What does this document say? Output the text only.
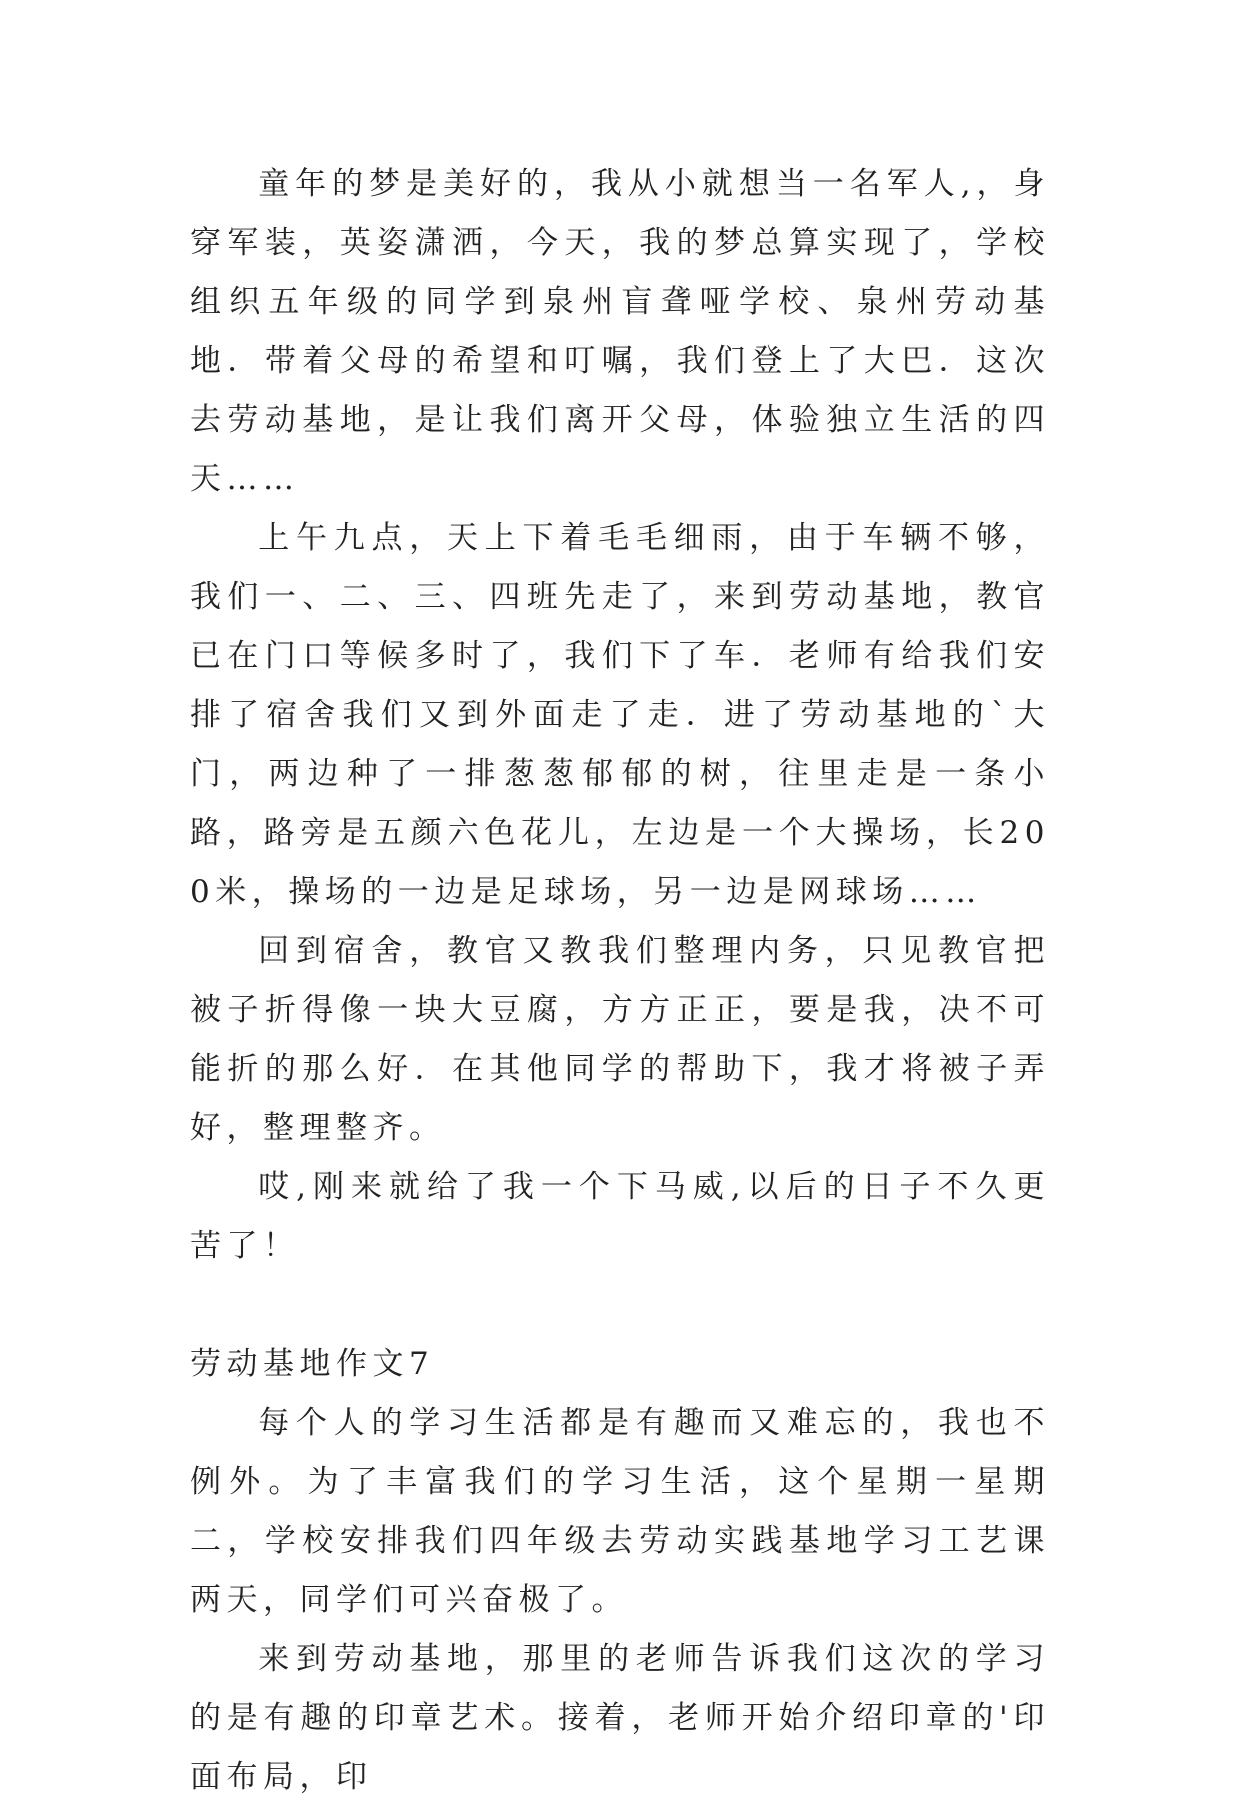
童年的梦是美好的，我从小就想当一名军人,，身穿军装，英姿潇洒，今天，我的梦总算实现了，学校组织五年级的同学到泉州盲聋哑学校、泉州劳动基地．带着父母的希望和叮嘱，我们登上了大巴．这次去劳动基地，是让我们离开父母，体验独立生活的四天……

上午九点，天上下着毛毛细雨，由于车辆不够，我们一、二、三、四班先走了，来到劳动基地，教官已在门口等候多时了，我们下了车．老师有给我们安排了宿舍我们又到外面走了走．进了劳动基地的`大门，两边种了一排葱葱郁郁的树，往里走是一条小路，路旁是五颜六色花儿，左边是一个大操场，长200米，操场的一边是足球场，另一边是网球场……

回到宿舍，教官又教我们整理内务，只见教官把被子折得像一块大豆腐，方方正正，要是我，决不可能折的那么好．在其他同学的帮助下，我才将被子弄好，整理整齐。

哎,刚来就给了我一个下马威,以后的日子不久更苦了！

劳动基地作文7

每个人的学习生活都是有趣而又难忘的，我也不例外。为了丰富我们的学习生活，这个星期一星期二，学校安排我们四年级去劳动实践基地学习工艺课两天，同学们可兴奋极了。

来到劳动基地，那里的老师告诉我们这次的学习的是有趣的印章艺术。接着，老师开始介绍印章的'印面布局，印
